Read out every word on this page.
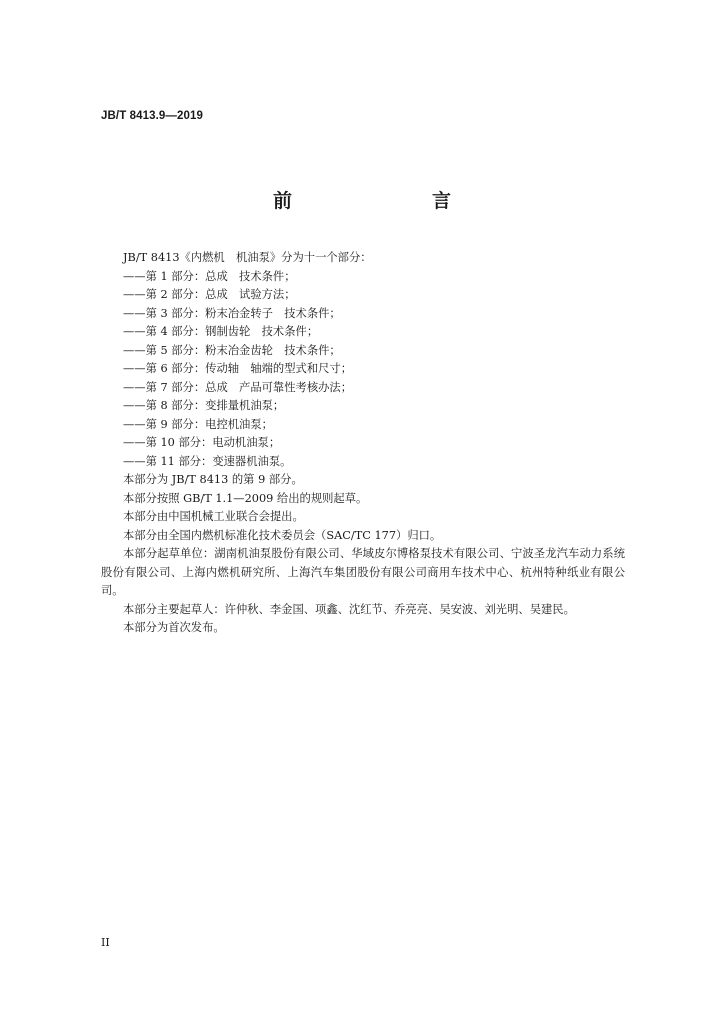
JB/T 8413.9—2019
前　　言

JB/T 8413《内燃机　机油泵》分为十一个部分：

——第 1 部分：总成　技术条件；

——第 2 部分：总成　试验方法；

——第 3 部分：粉末冶金转子　技术条件；

——第 4 部分：钢制齿轮　技术条件；

——第 5 部分：粉末冶金齿轮　技术条件；

——第 6 部分：传动轴　轴端的型式和尺寸；

——第 7 部分：总成　产品可靠性考核办法；

——第 8 部分：变排量机油泵；

——第 9 部分：电控机油泵；

——第 10 部分：电动机油泵；

——第 11 部分：变速器机油泵。

本部分为 JB/T 8413 的第 9 部分。

本部分按照 GB/T 1.1—2009 给出的规则起草。

本部分由中国机械工业联合会提出。

本部分由全国内燃机标准化技术委员会（SAC/TC 177）归口。

本部分起草单位：湖南机油泵股份有限公司、华域皮尔博格泵技术有限公司、宁波圣龙汽车动力系统股份有限公司、上海内燃机研究所、上海汽车集团股份有限公司商用车技术中心、杭州特种纸业有限公司。

本部分主要起草人：许仲秋、李金国、项鑫、沈红节、乔亮亮、吴安波、刘光明、吴建民。

本部分为首次发布。

II
